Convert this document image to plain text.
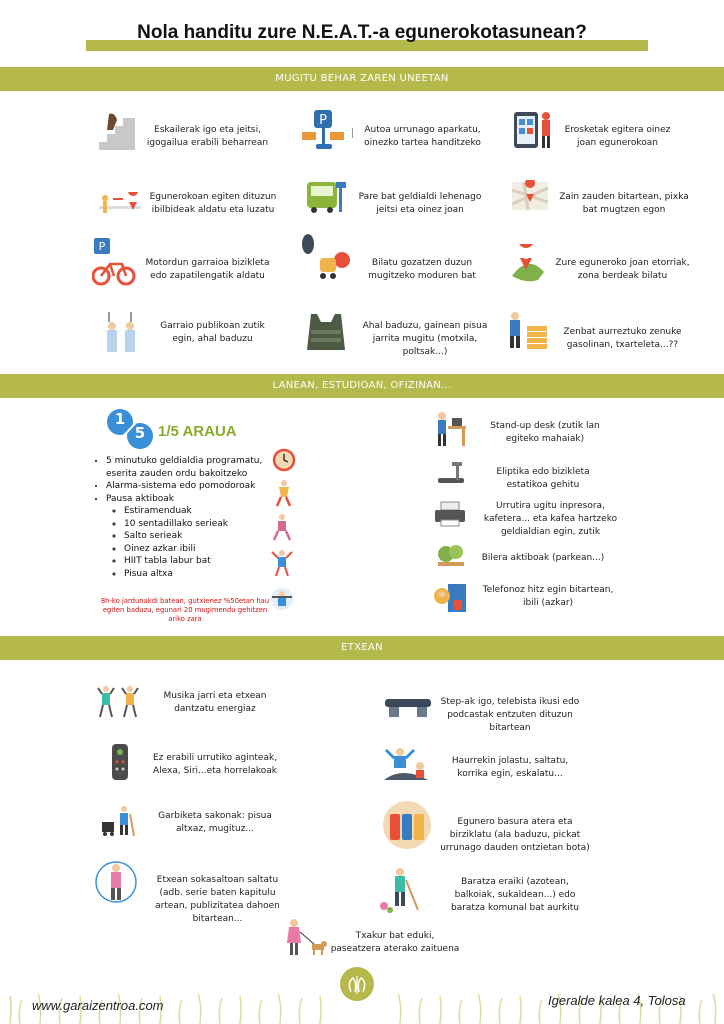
Nola handitu zure N.E.A.T.-a egunerokotasunean?
MUGITU BEHAR ZAREN UNEETAN
Eskailerak igo eta jeitsi, igogailua erabili beharrean
P
Autoa urrunago aparkatu, oinezko tartea handitzeko
Erosketak egitera oinez joan egunerokoan
Egunerokoan egiten dituzun ibilbideak aldatu eta luzatu
Pare bat geldialdi lehenago jeitsi eta oinez joan
Zain zauden bitartean, pixka bat mugtzen egon
P
Motordun garraioa bizikleta edo zapatilengatik aldatu
Bilatu gozatzen duzun mugitzeko moduren bat
Zure eguneroko joan etorriak, zona berdeak bilatu
Garraio publikoan zutik egin, ahal baduzu
Ahal baduzu, gainean pisua jarrita mugitu (motxila, poltsak...)
Zenbat aurreztuko zenuke gasolinan, txarteleta...??
LANEAN, ESTUDIOAN, OFIZINAN...
1
5 1/5 ARAUA
• 5 minutuko geldialdia programatu, eserita zauden ordu bakoitzeko
• Alarma-sistema edo pomodoroak
• Pausa aktiboak
◦ Estiramenduak
◦ 10 sentadillako serieak
◦ Salto serieak
◦ Oinez azkar ibili
◦ HIIT tabla labur bat
◦ Pisua altxa
8h-ko jardunakdi batean, gutxienez %50etan hau egiten baduzu, egunari 20 mugimendu gehitzen ariko zara
Stand-up desk (zutik lan egiteko mahaiak)
Eliptika edo bizikleta estatikoa gehitu
Urrutira ugitu inpresora, kafetera... eta kafea hartzeko geldialdian egin, zutik
Bilera aktiboak (parkean...)
Telefonoz hitz egin bitartean, ibili (azkar)
ETXEAN
Musika jarri eta etxean dantzatu energiaz
Ez erabili urrutiko aginteak, Alexa, Siri...eta horrelakoak
Garbiketa sakonak: pisua altxaz, mugituz...
Etxean sokasaltoan saltatu (adb. serie baten kapitulu artean, publizitatea dahoen bitartean...
Step-ak igo, telebista ikusi edo podcastak entzuten dituzun bitartean
Haurrekin jolastu, saltatu, korrika egin, eskalatu...
Egunero basura atera eta birziklatu (ala baduzu, pickat urrunago dauden ontzietan bota)
Baratza eraiki (azotean, balkoiak, sukaldean...) edo baratza komunal bat aurkitu
Txakur bat eduki, paseatzera aterako zaituena
www.garaizentroa.com	Igeralde kalea 4, Tolosa
